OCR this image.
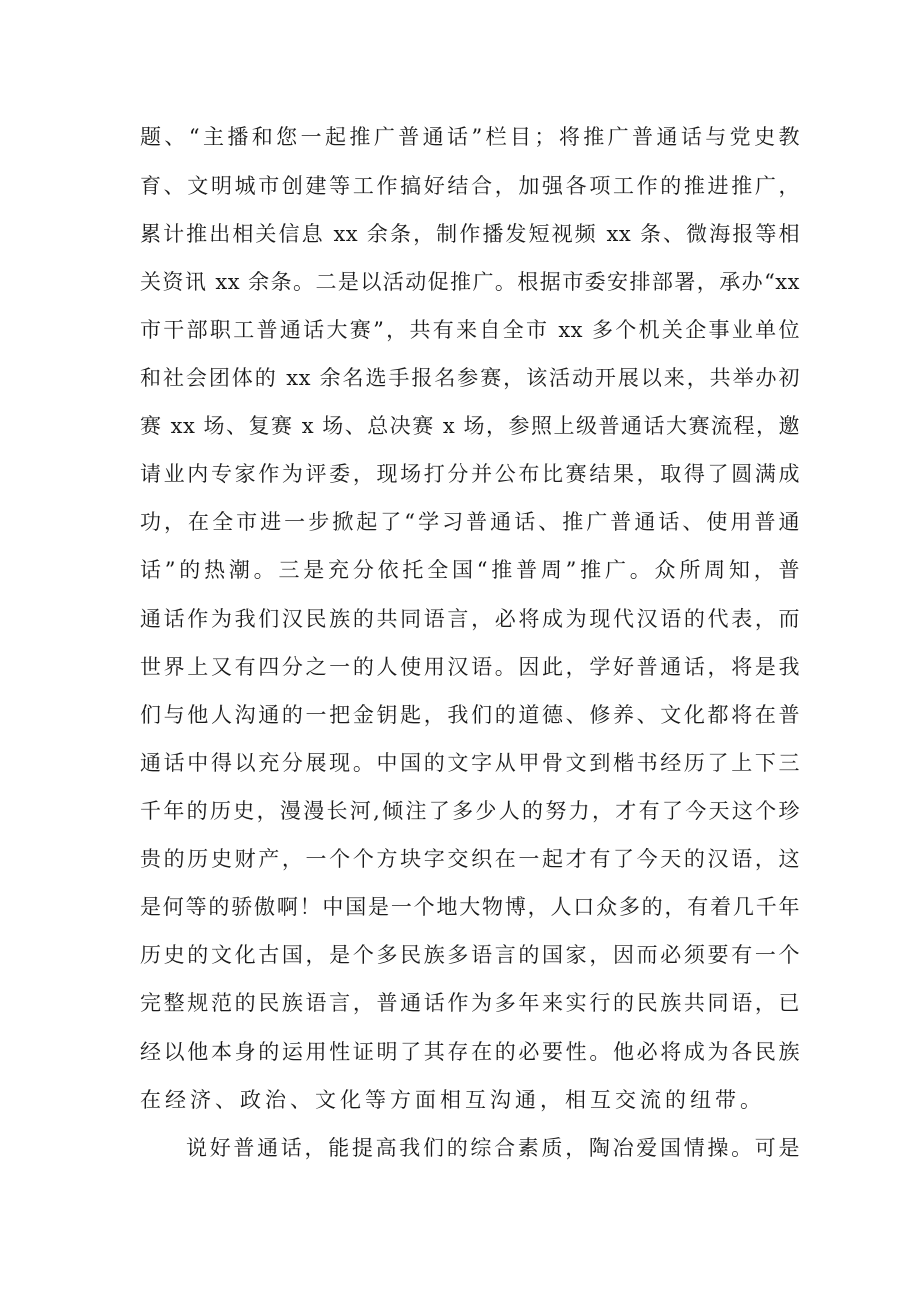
题、“主播和您一起推广普通话”栏目；将推广普通话与党史教
育、文明城市创建等工作搞好结合，加强各项工作的推进推广，
累计推出相关信息 xx 余条，制作播发短视频 xx 条、微海报等相
关资讯 xx 余条。二是以活动促推广。根据市委安排部署，承办“xx
市干部职工普通话大赛”，共有来自全市 xx 多个机关企事业单位
和社会团体的 xx 余名选手报名参赛，该活动开展以来，共举办初
赛 xx 场、复赛 x 场、总决赛 x 场，参照上级普通话大赛流程，邀
请业内专家作为评委，现场打分并公布比赛结果，取得了圆满成
功，在全市进一步掀起了“学习普通话、推广普通话、使用普通
话”的热潮。三是充分依托全国“推普周”推广。众所周知，普
通话作为我们汉民族的共同语言，必将成为现代汉语的代表，而
世界上又有四分之一的人使用汉语。因此，学好普通话，将是我
们与他人沟通的一把金钥匙，我们的道德、修养、文化都将在普
通话中得以充分展现。中国的文字从甲骨文到楷书经历了上下三
千年的历史，漫漫长河,倾注了多少人的努力，才有了今天这个珍
贵的历史财产，一个个方块字交织在一起才有了今天的汉语，这
是何等的骄傲啊！中国是一个地大物博，人口众多的，有着几千年
历史的文化古国，是个多民族多语言的国家，因而必须要有一个
完整规范的民族语言，普通话作为多年来实行的民族共同语，已
经以他本身的运用性证明了其存在的必要性。他必将成为各民族
在经济、政治、文化等方面相互沟通，相互交流的纽带。
说好普通话，能提高我们的综合素质，陶冶爱国情操。可是
